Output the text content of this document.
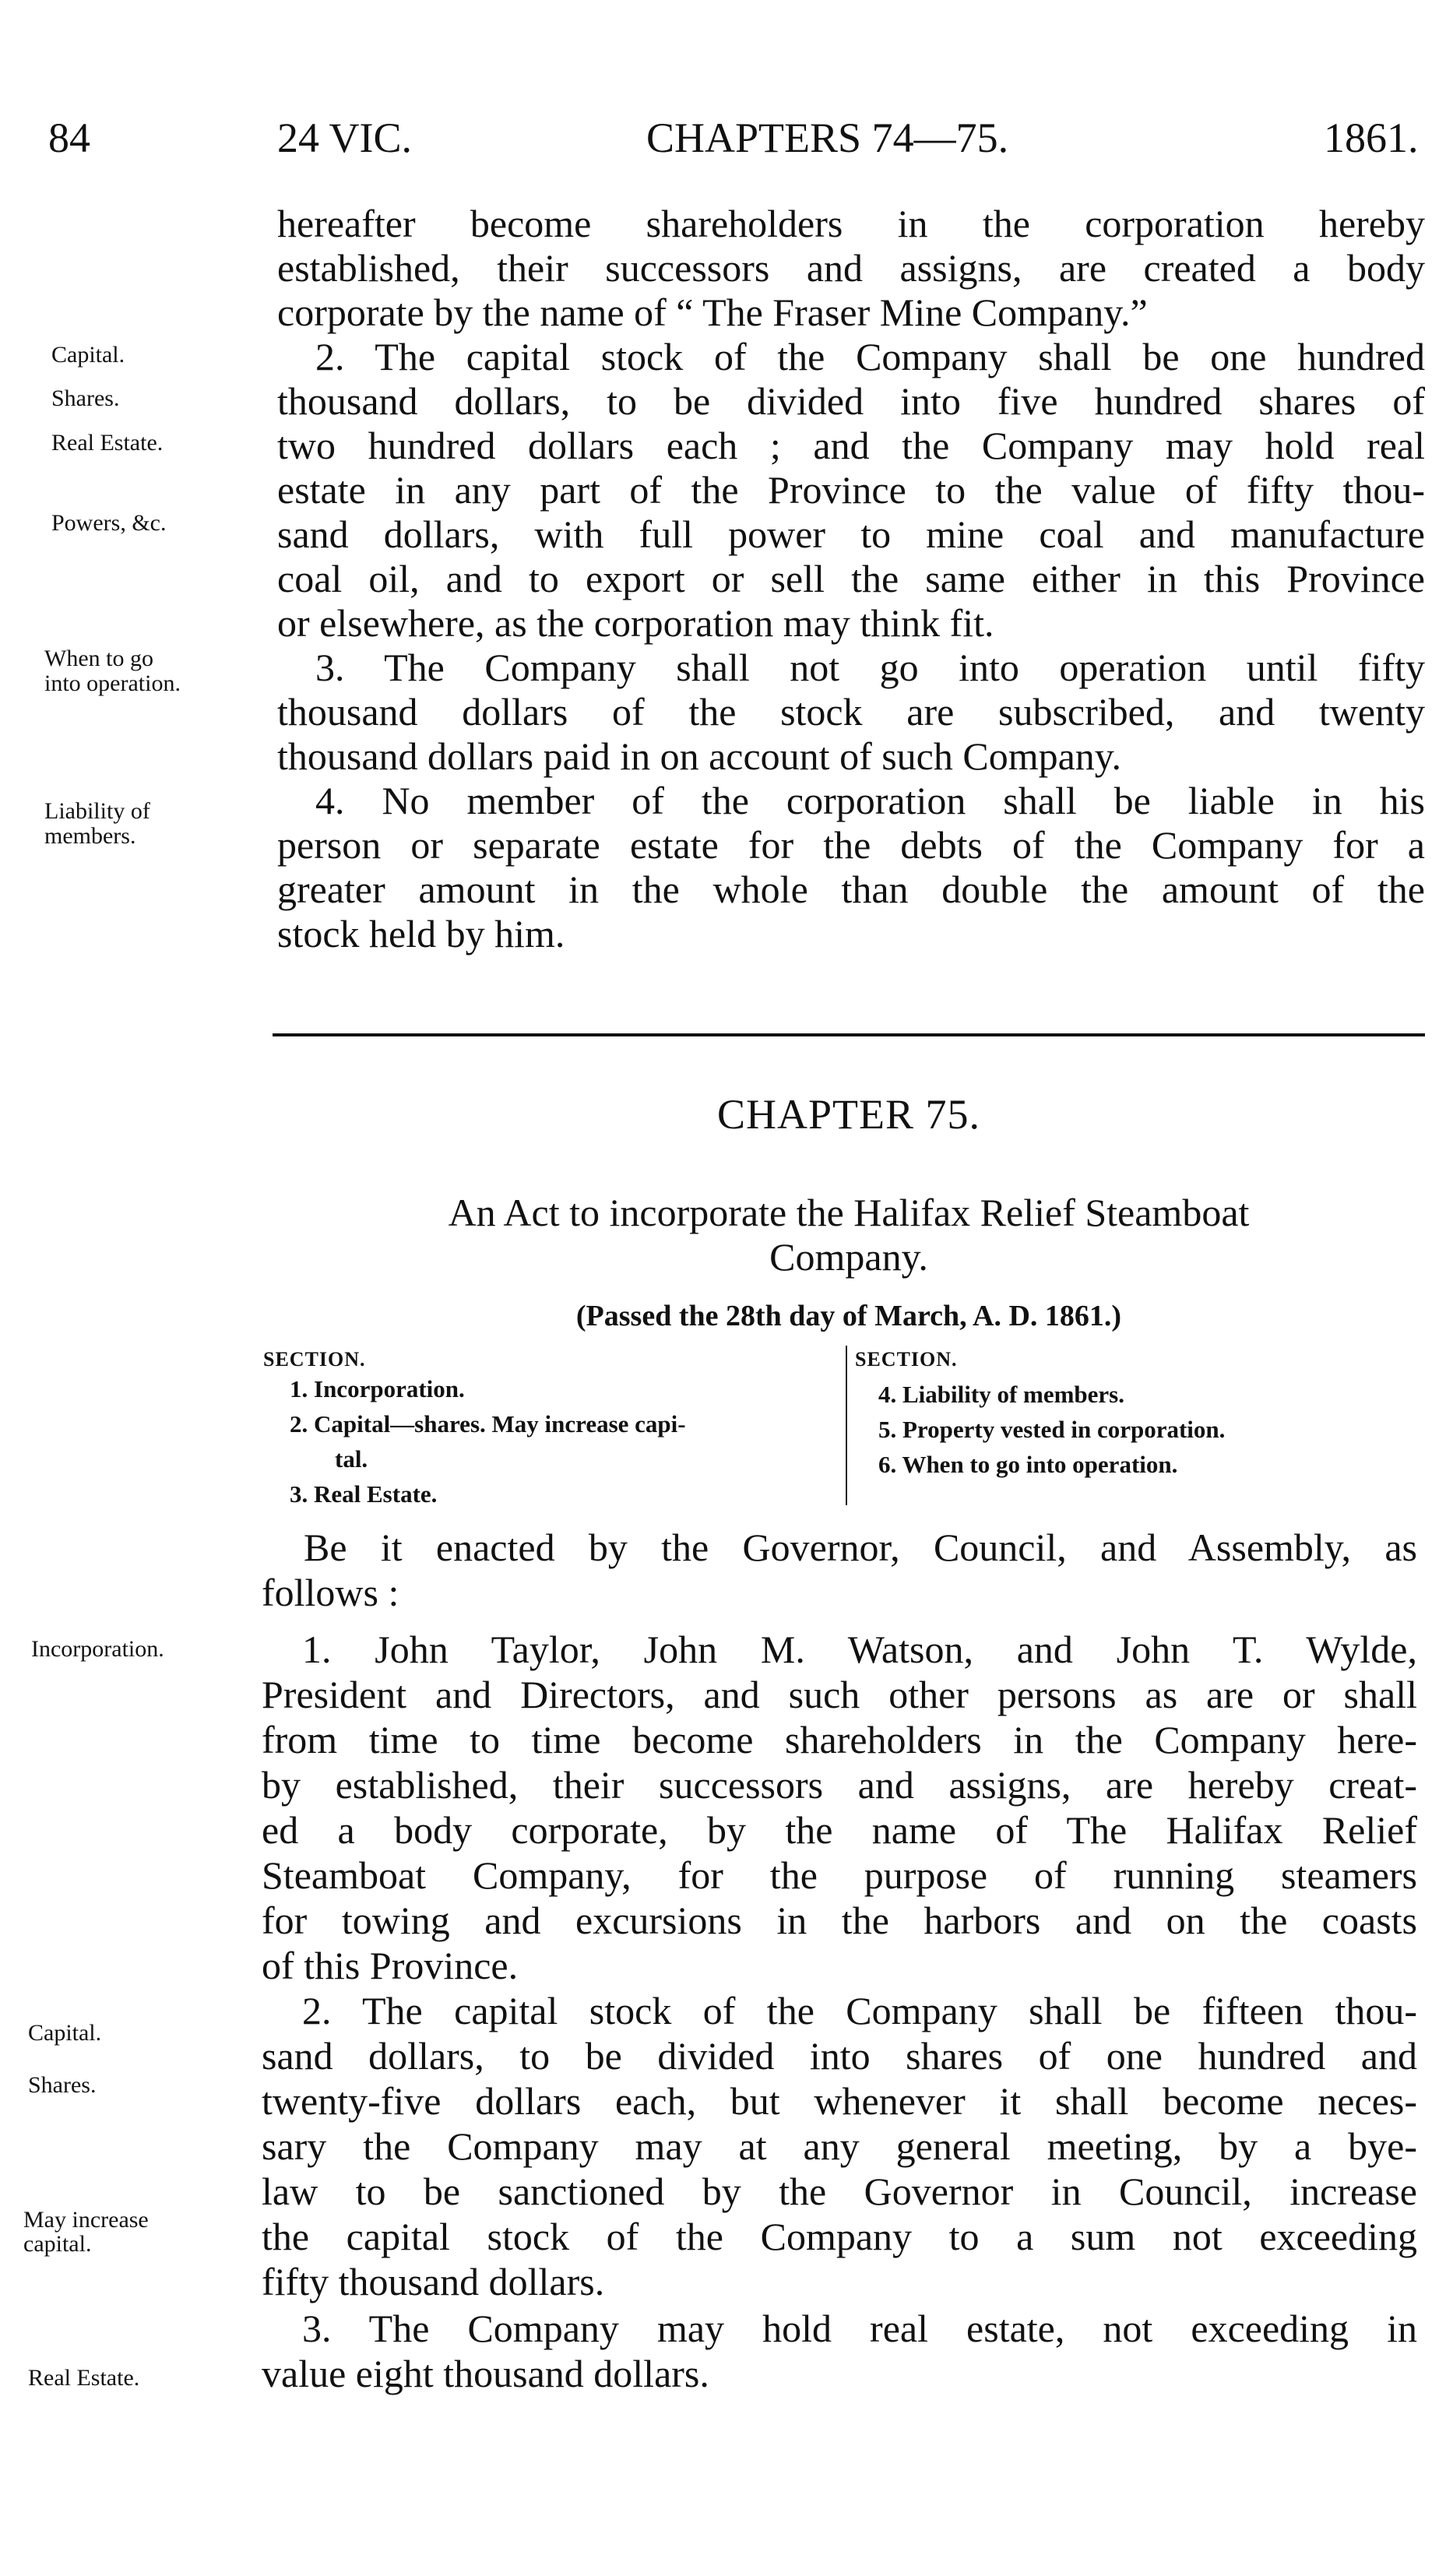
84	24 VIC.	CHAPTERS 74—75.	1861.
hereafter become shareholders in the corporation hereby
established, their successors and assigns, are created a body
corporate by the name of “ The Fraser Mine Company.”
2. The capital stock of the Company shall be one hundred
thousand dollars, to be divided into five hundred shares of
two hundred dollars each ; and the Company may hold real
estate in any part of the Province to the value of fifty thou-
sand dollars, with full power to mine coal and manufacture
coal oil, and to export or sell the same either in this Province
or elsewhere, as the corporation may think fit.
3. The Company shall not go into operation until fifty
thousand dollars of the stock are subscribed, and twenty
thousand dollars paid in on account of such Company.
4. No member of the corporation shall be liable in his
person or separate estate for the debts of the Company for a
greater amount in the whole than double the amount of the
stock held by him.
Capital.
Shares.
Real Estate.
Powers, &c.
When to go
into operation.
Liability of
members.
CHAPTER 75.
An Act to incorporate the Halifax Relief Steamboat
Company.
(Passed the 28th day of March, A. D. 1861.)
SECTION.
1. Incorporation.
2. Capital—shares. May increase capi-
tal.
3. Real Estate.
SECTION.
4. Liability of members.
5. Property vested in corporation.
6. When to go into operation.
Be it enacted by the Governor, Council, and Assembly, as
follows :
1. John Taylor, John M. Watson, and John T. Wylde,
President and Directors, and such other persons as are or shall
from time to time become shareholders in the Company here-
by established, their successors and assigns, are hereby creat-
ed a body corporate, by the name of The Halifax Relief
Steamboat Company, for the purpose of running steamers
for towing and excursions in the harbors and on the coasts
of this Province.
2. The capital stock of the Company shall be fifteen thou-
sand dollars, to be divided into shares of one hundred and
twenty-five dollars each, but whenever it shall become neces-
sary the Company may at any general meeting, by a bye-
law to be sanctioned by the Governor in Council, increase
the capital stock of the Company to a sum not exceeding
fifty thousand dollars.
3. The Company may hold real estate, not exceeding in
value eight thousand dollars.
Incorporation.
Capital.
Shares.
May increase
capital.
Real Estate.
